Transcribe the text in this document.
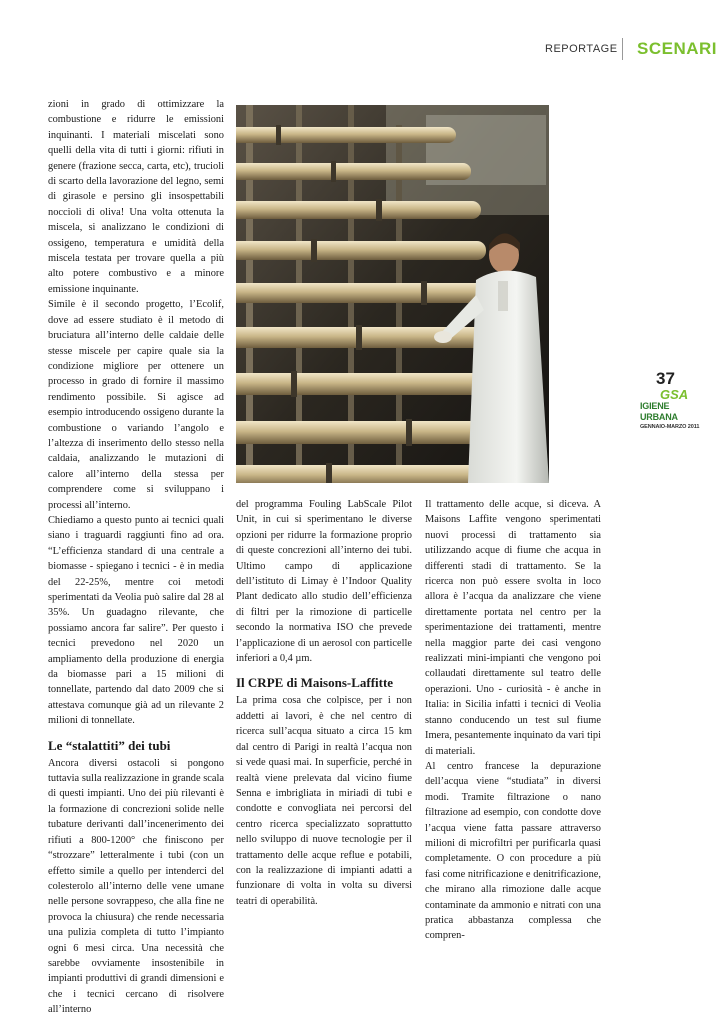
REPORTAGE SCENARI

zioni in grado di ottimizzare la combustione e ridurre le emissioni inquinanti. I materiali miscelati sono quelli della vita di tutti i giorni: rifiuti in genere (frazione secca, carta, etc), trucioli di scarto della lavorazione del legno, semi di girasole e persino gli insospettabili noccioli di oliva! Una volta ottenuta la miscela, si analizzano le condizioni di ossigeno, temperatura e umidità della miscela testata per trovare quella a più alto potere combustivo e a minore emissione inquinante.

Simile è il secondo progetto, l’Ecolif, dove ad essere studiato è il metodo di bruciatura all’interno delle caldaie delle stesse miscele per capire quale sia la condizione migliore per ottenere un processo in grado di fornire il massimo rendimento possibile. Si agisce ad esempio introducendo ossigeno durante la combustione o variando l’angolo e l’altezza di inserimento dello stesso nella caldaia, analizzando le mutazioni di calore all’interno della stessa per comprendere come si sviluppano i processi all’interno.

Chiediamo a questo punto ai tecnici quali siano i traguardi raggiunti fino ad ora. “L’efficienza standard di una centrale a biomasse - spiegano i tecnici - è in media del 22-25%, mentre coi metodi sperimentati da Veolia può salire dal 28 al 35%. Un guadagno rilevante, che possiamo ancora far salire”. Per questo i tecnici prevedono nel 2020 un ampliamento della produzione di energia da biomasse pari a 15 milioni di tonnellate, partendo dal dato 2009 che si attestava comunque già ad un rilevante 2 milioni di tonnellate.

Le “stalattiti” dei tubi

Ancora diversi ostacoli si pongono tuttavia sulla realizzazione in grande scala di questi impianti. Uno dei più rilevanti è la formazione di concrezioni solide nelle tubature derivanti dall’incenerimento dei rifiuti a 800-1200° che finiscono per “strozzare” letteralmente i tubi (con un effetto simile a quello per intenderci del colesterolo all’interno delle vene umane nelle persone sovrappeso, che alla fine ne provoca la chiusura) che rende necessaria una pulizia completa di tutto l’impianto ogni 6 mesi circa. Una necessità che sarebbe ovviamente insostenibile in impianti produttivi di grandi dimensioni e che i tecnici cercano di risolvere all’interno

del programma Fouling LabScale Pilot Unit, in cui si sperimentano le diverse opzioni per ridurre la formazione proprio di queste concrezioni all’interno dei tubi. Ultimo campo di applicazione dell’istituto di Limay è l’Indoor Quality Plant dedicato allo studio dell’efficienza di filtri per la rimozione di particelle secondo la normativa ISO che prevede l’applicazione di un aerosol con particelle inferiori a 0,4 µm.

Il CRPE di Maisons-Laffitte

La prima cosa che colpisce, per i non addetti ai lavori, è che nel centro di ricerca sull’acqua situato a circa 15 km dal centro di Parigi in realtà l’acqua non si vede quasi mai. In superficie, perché in realtà viene prelevata dal vicino fiume Senna e imbrigliata in miriadi di tubi e condotte e convogliata nei percorsi del centro ricerca specializzato soprattutto nello sviluppo di nuove tecnologie per il trattamento delle acque reflue e potabili, con la realizzazione di impianti adatti a funzionare di volta in volta su diversi teatri di operabilità.

Il trattamento delle acque, si diceva. A Maisons Laffite vengono sperimentati nuovi processi di trattamento sia utilizzando acque di fiume che acqua in differenti stadi di trattamento. Se la ricerca non può essere svolta in loco allora è l’acqua da analizzare che viene direttamente portata nel centro per la sperimentazione dei trattamenti, mentre nella maggior parte dei casi vengono realizzati mini-impianti che vengono poi collaudati direttamente sul teatro delle operazioni. Uno - curiosità - è anche in Italia: in Sicilia infatti i tecnici di Veolia stanno conducendo un test sul fiume Imera, pesantemente inquinato da vari tipi di materiali.

Al centro francese la depurazione dell’acqua viene “studiata” in diversi modi. Tramite filtrazione o nano filtrazione ad esempio, con condotte dove l’acqua viene fatta passare attraverso milioni di microfiltri per purificarla quasi completamente. O con procedure a più fasi come nitrificazione e denitrificazione, che mirano alla rimozione dalle acque contaminate da ammonio e nitrati con una pratica abbastanza complessa che compren-

37
GSA
IGIENE URBANA
GENNAIO-MARZO 2011
